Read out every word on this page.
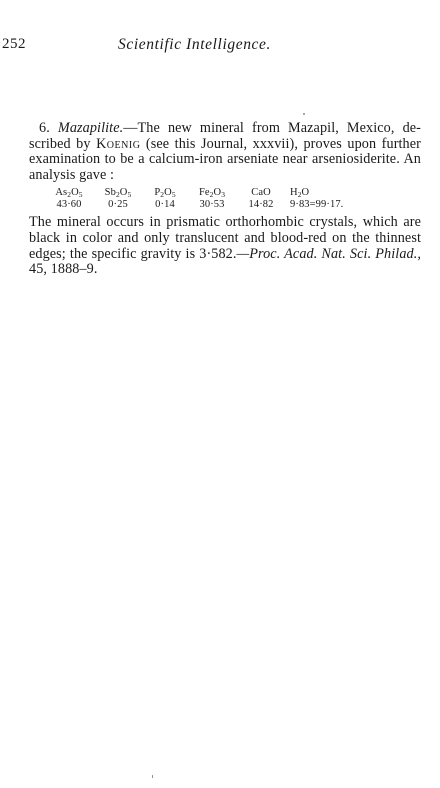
252	Scientific Intelligence.

6. Mazapilite.—The new mineral from Mazapil, Mexico, de- scribed by Koenig (see this Journal, xxxvii), proves upon further examination to be a calcium-iron arseniate near arseniosiderite. An analysis gave :

$As_2O_5$	$Sb_2O_5$	$P_2O_5$	$Fe_2O_3$	CaO	$H_2O$
43·60	0·25	0·14	30·53	14·82	9·83=99·17.

The mineral occurs in prismatic orthorhombic crystals, which are black in color and only translucent and blood-red on the thinnest edges; the specific gravity is 3·582.—Proc. Acad. Nat. Sci. Philad., 45, 1888–9.
